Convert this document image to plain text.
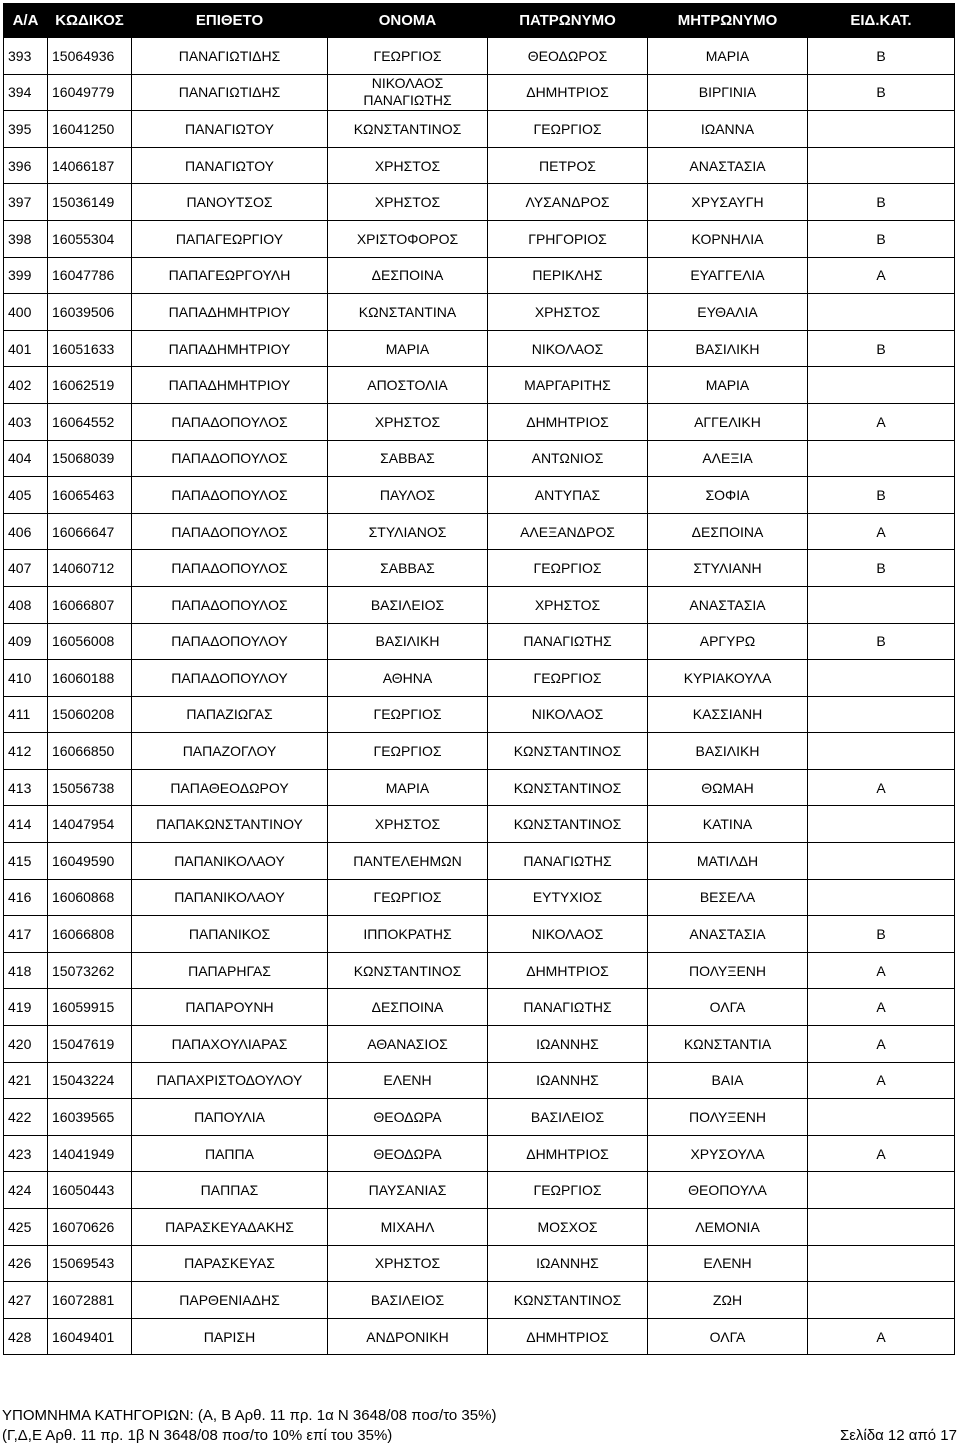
Α/Α	ΚΩΔΙΚΟΣ	ΕΠΙΘΕΤΟ	ΟΝΟΜΑ	ΠΑΤΡΩΝΥΜΟ	ΜΗΤΡΩΝΥΜΟ	ΕΙΔ.ΚΑΤ.
393	15064936	ΠΑΝΑΓΙΩΤΙΔΗΣ	ΓΕΩΡΓΙΟΣ	ΘΕΟΔΩΡΟΣ	ΜΑΡΙΑ	Β
394	16049779	ΠΑΝΑΓΙΩΤΙΔΗΣ	ΝΙΚΟΛΑΟΣ ΠΑΝΑΓΙΩΤΗΣ	ΔΗΜΗΤΡΙΟΣ	ΒΙΡΓΙΝΙΑ	Β
395	16041250	ΠΑΝΑΓΙΩΤΟΥ	ΚΩΝΣΤΑΝΤΙΝΟΣ	ΓΕΩΡΓΙΟΣ	ΙΩΑΝΝΑ	
396	14066187	ΠΑΝΑΓΙΩΤΟΥ	ΧΡΗΣΤΟΣ	ΠΕΤΡΟΣ	ΑΝΑΣΤΑΣΙΑ	
397	15036149	ΠΑΝΟΥΤΣΟΣ	ΧΡΗΣΤΟΣ	ΛΥΣΑΝΔΡΟΣ	ΧΡΥΣΑΥΓΗ	Β
398	16055304	ΠΑΠΑΓΕΩΡΓΙΟΥ	ΧΡΙΣΤΟΦΟΡΟΣ	ΓΡΗΓΟΡΙΟΣ	ΚΟΡΝΗΛΙΑ	Β
399	16047786	ΠΑΠΑΓΕΩΡΓΟΥΛΗ	ΔΕΣΠΟΙΝΑ	ΠΕΡΙΚΛΗΣ	ΕΥΑΓΓΕΛΙΑ	Α
400	16039506	ΠΑΠΑΔΗΜΗΤΡΙΟΥ	ΚΩΝΣΤΑΝΤΙΝΑ	ΧΡΗΣΤΟΣ	ΕΥΘΑΛΙΑ	
401	16051633	ΠΑΠΑΔΗΜΗΤΡΙΟΥ	ΜΑΡΙΑ	ΝΙΚΟΛΑΟΣ	ΒΑΣΙΛΙΚΗ	Β
402	16062519	ΠΑΠΑΔΗΜΗΤΡΙΟΥ	ΑΠΟΣΤΟΛΙΑ	ΜΑΡΓΑΡΙΤΗΣ	ΜΑΡΙΑ	
403	16064552	ΠΑΠΑΔΟΠΟΥΛΟΣ	ΧΡΗΣΤΟΣ	ΔΗΜΗΤΡΙΟΣ	ΑΓΓΕΛΙΚΗ	Α
404	15068039	ΠΑΠΑΔΟΠΟΥΛΟΣ	ΣΑΒΒΑΣ	ΑΝΤΩΝΙΟΣ	ΑΛΕΞΙΑ	
405	16065463	ΠΑΠΑΔΟΠΟΥΛΟΣ	ΠΑΥΛΟΣ	ΑΝΤΥΠΑΣ	ΣΟΦΙΑ	Β
406	16066647	ΠΑΠΑΔΟΠΟΥΛΟΣ	ΣΤΥΛΙΑΝΟΣ	ΑΛΕΞΑΝΔΡΟΣ	ΔΕΣΠΟΙΝΑ	Α
407	14060712	ΠΑΠΑΔΟΠΟΥΛΟΣ	ΣΑΒΒΑΣ	ΓΕΩΡΓΙΟΣ	ΣΤΥΛΙΑΝΗ	Β
408	16066807	ΠΑΠΑΔΟΠΟΥΛΟΣ	ΒΑΣΙΛΕΙΟΣ	ΧΡΗΣΤΟΣ	ΑΝΑΣΤΑΣΙΑ	
409	16056008	ΠΑΠΑΔΟΠΟΥΛΟΥ	ΒΑΣΙΛΙΚΗ	ΠΑΝΑΓΙΩΤΗΣ	ΑΡΓΥΡΩ	Β
410	16060188	ΠΑΠΑΔΟΠΟΥΛΟΥ	ΑΘΗΝΑ	ΓΕΩΡΓΙΟΣ	ΚΥΡΙΑΚΟΥΛΑ	
411	15060208	ΠΑΠΑΖΙΩΓΑΣ	ΓΕΩΡΓΙΟΣ	ΝΙΚΟΛΑΟΣ	ΚΑΣΣΙΑΝΗ	
412	16066850	ΠΑΠΑΖΟΓΛΟΥ	ΓΕΩΡΓΙΟΣ	ΚΩΝΣΤΑΝΤΙΝΟΣ	ΒΑΣΙΛΙΚΗ	
413	15056738	ΠΑΠΑΘΕΟΔΩΡΟΥ	ΜΑΡΙΑ	ΚΩΝΣΤΑΝΤΙΝΟΣ	ΘΩΜΑΗ	Α
414	14047954	ΠΑΠΑΚΩΝΣΤΑΝΤΙΝΟΥ	ΧΡΗΣΤΟΣ	ΚΩΝΣΤΑΝΤΙΝΟΣ	ΚΑΤΙΝΑ	
415	16049590	ΠΑΠΑΝΙΚΟΛΑΟΥ	ΠΑΝΤΕΛΕΗΜΩΝ	ΠΑΝΑΓΙΩΤΗΣ	ΜΑΤΙΛΔΗ	
416	16060868	ΠΑΠΑΝΙΚΟΛΑΟΥ	ΓΕΩΡΓΙΟΣ	ΕΥΤΥΧΙΟΣ	ΒΕΣΕΛΑ	
417	16066808	ΠΑΠΑΝΙΚΟΣ	ΙΠΠΟΚΡΑΤΗΣ	ΝΙΚΟΛΑΟΣ	ΑΝΑΣΤΑΣΙΑ	Β
418	15073262	ΠΑΠΑΡΗΓΑΣ	ΚΩΝΣΤΑΝΤΙΝΟΣ	ΔΗΜΗΤΡΙΟΣ	ΠΟΛΥΞΕΝΗ	Α
419	16059915	ΠΑΠΑΡΟΥΝΗ	ΔΕΣΠΟΙΝΑ	ΠΑΝΑΓΙΩΤΗΣ	ΟΛΓΑ	Α
420	15047619	ΠΑΠΑΧΟΥΛΙΑΡΑΣ	ΑΘΑΝΑΣΙΟΣ	ΙΩΑΝΝΗΣ	ΚΩΝΣΤΑΝΤΙΑ	Α
421	15043224	ΠΑΠΑΧΡΙΣΤΟΔΟΥΛΟΥ	ΕΛΕΝΗ	ΙΩΑΝΝΗΣ	ΒΑΙΑ	Α
422	16039565	ΠΑΠΟΥΛΙΑ	ΘΕΟΔΩΡΑ	ΒΑΣΙΛΕΙΟΣ	ΠΟΛΥΞΕΝΗ	
423	14041949	ΠΑΠΠΑ	ΘΕΟΔΩΡΑ	ΔΗΜΗΤΡΙΟΣ	ΧΡΥΣΟΥΛΑ	Α
424	16050443	ΠΑΠΠΑΣ	ΠΑΥΣΑΝΙΑΣ	ΓΕΩΡΓΙΟΣ	ΘΕΟΠΟΥΛΑ	
425	16070626	ΠΑΡΑΣΚΕΥΑΔΑΚΗΣ	ΜΙΧΑΗΛ	ΜΟΣΧΟΣ	ΛΕΜΟΝΙΑ	
426	15069543	ΠΑΡΑΣΚΕΥΑΣ	ΧΡΗΣΤΟΣ	ΙΩΑΝΝΗΣ	ΕΛΕΝΗ	
427	16072881	ΠΑΡΘΕΝΙΑΔΗΣ	ΒΑΣΙΛΕΙΟΣ	ΚΩΝΣΤΑΝΤΙΝΟΣ	ΖΩΗ	
428	16049401	ΠΑΡΙΣΗ	ΑΝΔΡΟΝΙΚΗ	ΔΗΜΗΤΡΙΟΣ	ΟΛΓΑ	Α
ΥΠΟΜΝΗΜΑ ΚΑΤΗΓΟΡΙΩΝ: (Α, Β Αρθ. 11 πρ. 1α Ν 3648/08 ποσ/το 35%)
(Γ,Δ,Ε Αρθ. 11 πρ. 1β Ν 3648/08 ποσ/το 10% επί του 35%)	Σελίδα 12 από 17
